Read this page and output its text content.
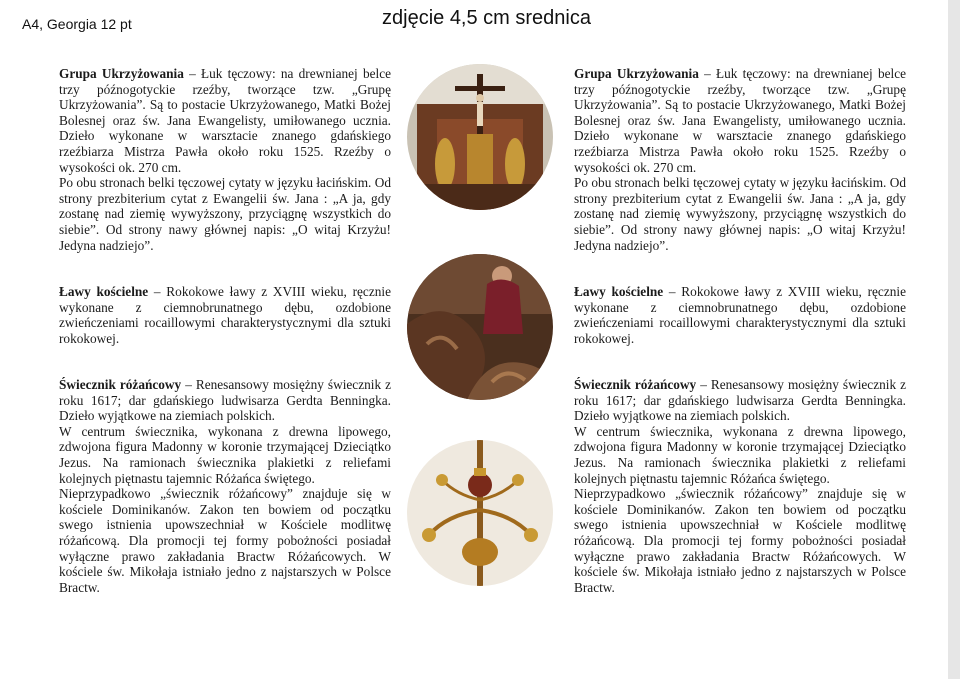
A4, Georgia 12 pt	zdjęcie 4,5 cm srednica

Grupa Ukrzyżowania – Łuk tęczowy: na drewnianej belce trzy późnogotyckie rzeźby, tworzące tzw. „Grupę Ukrzyżowania”. Są to postacie Ukrzyżowanego, Matki Bożej Bolesnej oraz św. Jana Ewangelisty, umiłowanego ucznia. Dzieło wykonane w warsztacie znanego gdańskiego rzeźbiarza Mistrza Pawła około roku 1525. Rzeźby o wysokości ok. 270 cm.

Po obu stronach belki tęczowej cytaty w języku łacińskim. Od strony prezbiterium cytat z Ewangelii św. Jana : „A ja, gdy zostanę nad ziemię wywyższony, przyciągnę wszystkich do siebie”. Od strony nawy głównej napis: „O witaj Krzyżu! Jedyna nadziejo”.

Ławy kościelne – Rokokowe ławy z XVIII wieku, ręcznie wykonane z ciemnobrunatnego dębu, ozdobione zwieńczeniami rocaillowymi charakterystycznymi dla sztuki rokokowej.

Świecznik różańcowy – Renesansowy mosiężny świecznik z roku 1617; dar gdańskiego ludwisarza Gerdta Benningka. Dzieło wyjątkowe na ziemiach polskich.

W centrum świecznika, wykonana z drewna lipowego, zdwojona figura Madonny w koronie trzymającej Dzieciątko Jezus. Na ramionach świecznika plakietki z reliefami kolejnych piętnastu tajemnic Różańca świętego.

Nieprzypadkowo „świecznik różańcowy” znajduje się w kościele Dominikanów. Zakon ten bowiem od początku swego istnienia upowszechniał w Kościele modlitwę różańcową. Dla promocji tej formy pobożności posiadał wyłączne prawo zakładania Bractw Różańcowych. W kościele św. Mikołaja istniało jedno z najstarszych w Polsce Bractw.

Grupa Ukrzyżowania – Łuk tęczowy: na drewnianej belce trzy późnogotyckie rzeźby, tworzące tzw. „Grupę Ukrzyżowania”. Są to postacie Ukrzyżowanego, Matki Bożej Bolesnej oraz św. Jana Ewangelisty, umiłowanego ucznia. Dzieło wykonane w warsztacie znanego gdańskiego rzeźbiarza Mistrza Pawła około roku 1525. Rzeźby o wysokości ok. 270 cm.

Po obu stronach belki tęczowej cytaty w języku łacińskim. Od strony prezbiterium cytat z Ewangelii św. Jana : „A ja, gdy zostanę nad ziemię wywyższony, przyciągnę wszystkich do siebie”. Od strony nawy głównej napis: „O witaj Krzyżu! Jedyna nadziejo”.

Ławy kościelne – Rokokowe ławy z XVIII wieku, ręcznie wykonane z ciemnobrunatnego dębu, ozdobione zwieńczeniami rocaillowymi charakterystycznymi dla sztuki rokokowej.

Świecznik różańcowy – Renesansowy mosiężny świecznik z roku 1617; dar gdańskiego ludwisarza Gerdta Benningka. Dzieło wyjątkowe na ziemiach polskich.

W centrum świecznika, wykonana z drewna lipowego, zdwojona figura Madonny w koronie trzymającej Dzieciątko Jezus. Na ramionach świecznika plakietki z reliefami kolejnych piętnastu tajemnic Różańca świętego.

Nieprzypadkowo „świecznik różańcowy” znajduje się w kościele Dominikanów. Zakon ten bowiem od początku swego istnienia upowszechniał w Kościele modlitwę różańcową. Dla promocji tej formy pobożności posiadał wyłączne prawo zakładania Bractw Różańcowych. W kościele św. Mikołaja istniało jedno z najstarszych w Polsce Bractw.
